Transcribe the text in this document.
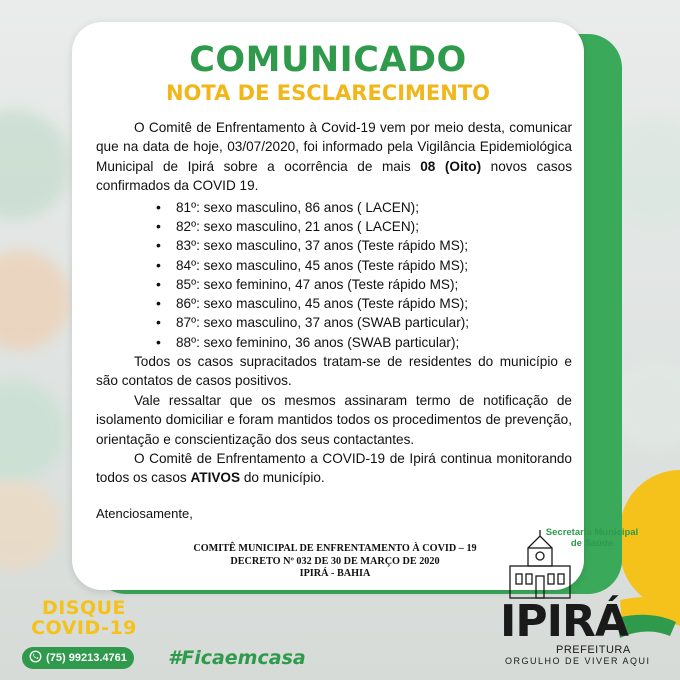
COMUNICADO
NOTA DE ESCLARECIMENTO

O Comitê de Enfrentamento à Covid-19 vem por meio desta, comunicar que na data de hoje, 03/07/2020, foi informado pela Vigilância Epidemiológica Municipal de Ipirá sobre a ocorrência de mais 08 (Oito) novos casos confirmados da COVID 19.

• 81º: sexo masculino, 86 anos ( LACEN);
• 82º: sexo masculino, 21 anos ( LACEN);
• 83º: sexo masculino, 37 anos (Teste rápido MS);
• 84º: sexo masculino, 45 anos (Teste rápido MS);
• 85º: sexo feminino, 47 anos (Teste rápido MS);
• 86º: sexo masculino, 45 anos (Teste rápido MS);
• 87º: sexo masculino, 37 anos (SWAB particular);
• 88º: sexo feminino, 36 anos (SWAB particular);

Todos os casos supracitados tratam-se de residentes do município e são contatos de casos positivos.

Vale ressaltar que os mesmos assinaram termo de notificação de isolamento domiciliar e foram mantidos todos os procedimentos de prevenção, orientação e conscientização dos seus contactantes.

O Comitê de Enfrentamento a COVID-19 de Ipirá continua monitorando todos os casos ATIVOS do município.

Atenciosamente,
COMITÊ MUNICIPAL DE ENFRENTAMENTO À COVID – 19
DECRETO Nº 032 DE 30 DE MARÇO DE 2020
IPIRÁ - BAHIA
DISQUE
COVID-19
(75) 99213.4761 #Ficaemcasa
Secretaria Municipal de Saúde
IPIRÁ
PREFEITURA
ORGULHO DE VIVER AQUI
